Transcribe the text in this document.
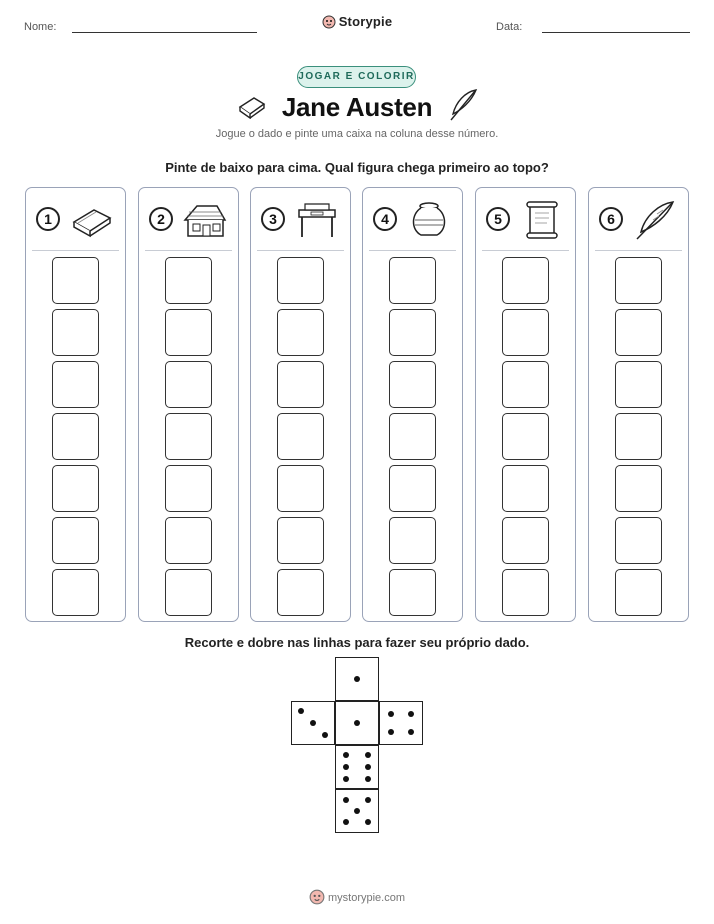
Nome:	Storypie	Data:
JOGAR E COLORIR
Jane Austen
Jogue o dado e pinte uma caixa na coluna desse número.
Pinte de baixo para cima. Qual figura chega primeiro ao topo?
1	2	3	4	5	6
Recorte e dobre nas linhas para fazer seu próprio dado.
mystorypie.com
